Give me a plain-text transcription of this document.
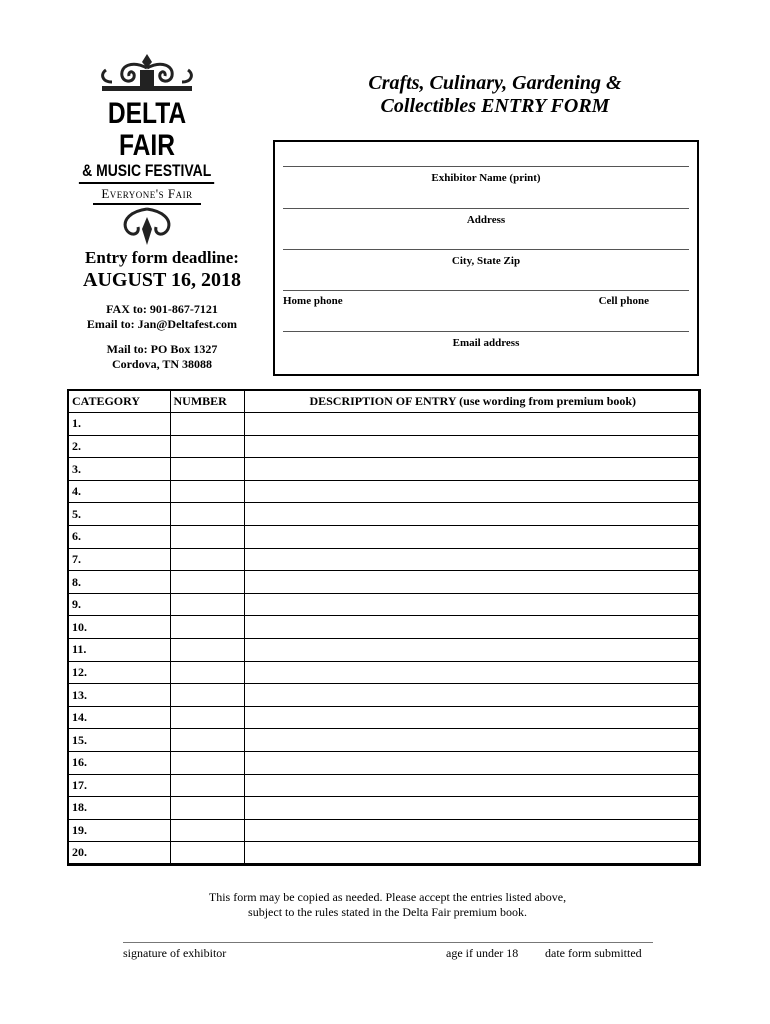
DELTA FAIR
& MUSIC FESTIVAL
Everyone's Fair
Crafts, Culinary, Gardening &
Collectibles ENTRY FORM
Entry form deadline:
AUGUST 16, 2018
FAX to: 901-867-7121
Email to: Jan@Deltafest.com
Mail to: PO Box 1327
Cordova, TN 38088
Exhibitor Name (print)
Address
City, State Zip
Home phone	Cell phone
Email address
CATEGORY	NUMBER	DESCRIPTION OF ENTRY (use wording from premium book)
1.		
2.		
3.		
4.		
5.		
6.		
7.		
8.		
9.		
10.		
11.		
12.		
13.		
14.		
15.		
16.		
17.		
18.		
19.		
20.		
This form may be copied as needed. Please accept the entries listed above,
subject to the rules stated in the Delta Fair premium book.
signature of exhibitor	age if under 18 date form submitted
